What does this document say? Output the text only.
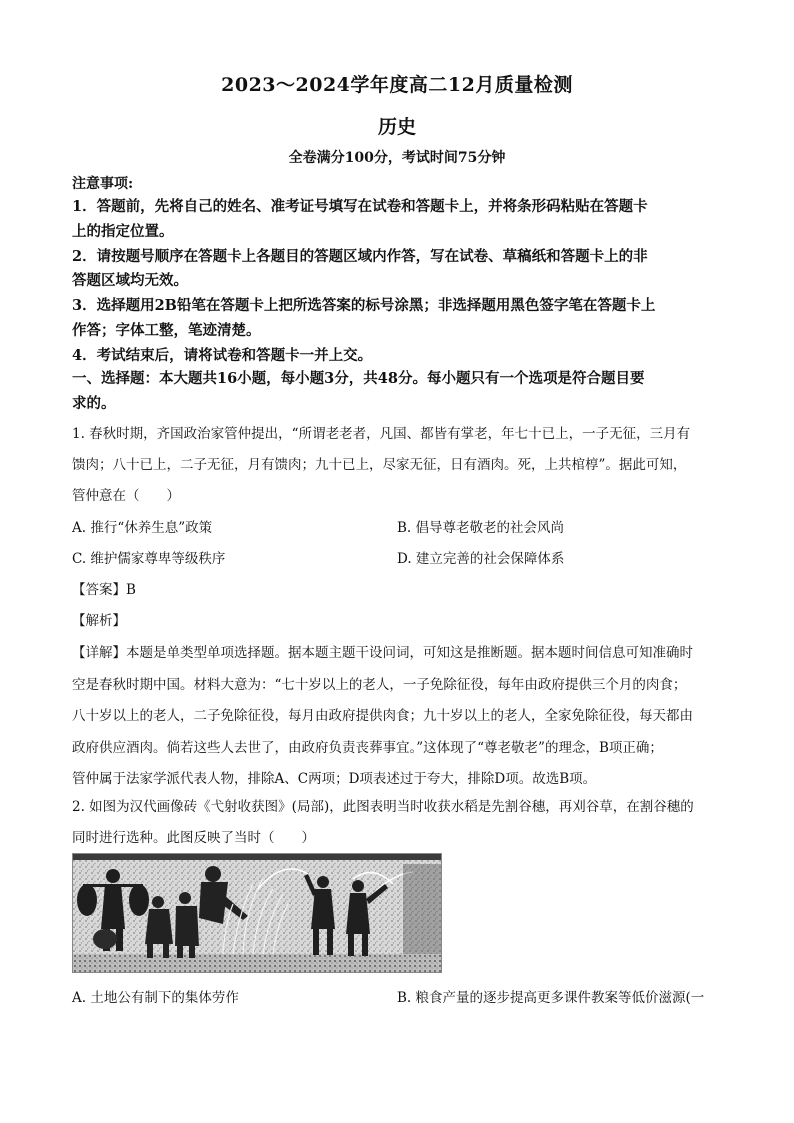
2023～2024学年度高二12月质量检测
历史
全卷满分100分，考试时间75分钟
注意事项:

1．答题前，先将自己的姓名、准考证号填写在试卷和答题卡上，并将条形码粘贴在答题卡

上的指定位置。

2．请按题号顺序在答题卡上各题目的答题区域内作答，写在试卷、草稿纸和答题卡上的非

答题区域均无效。

3．选择题用2B铅笔在答题卡上把所选答案的标号涂黑；非选择题用黑色签字笔在答题卡上

作答；字体工整，笔迹清楚。

4．考试结束后，请将试卷和答题卡一并上交。

一、选择题：本大题共16小题，每小题3分，共48分。每小题只有一个选项是符合题目要

求的。

1. 春秋时期，齐国政治家管仲提出，“所谓老老者，凡国、都皆有掌老，年七十已上，一子无征，三月有

馈肉；八十已上，二子无征，月有馈肉；九十已上，尽家无征，日有酒肉。死，上共棺椁”。据此可知，

管仲意在（　　）

A. 推行“休养生息”政策	B. 倡导尊老敬老的社会风尚
C. 维护儒家尊卑等级秩序	D. 建立完善的社会保障体系
【答案】B
【解析】

【详解】本题是单类型单项选择题。据本题主题干设问词，可知这是推断题。据本题时间信息可知准确时

空是春秋时期中国。材料大意为：“七十岁以上的老人，一子免除征役，每年由政府提供三个月的肉食；

八十岁以上的老人，二子免除征役，每月由政府提供肉食；九十岁以上的老人，全家免除征役，每天都由

政府供应酒肉。倘若这些人去世了，由政府负责丧葬事宜。”这体现了“尊老敬老”的理念，B项正确；

管仲属于法家学派代表人物，排除A、C两项；D项表述过于夸大，排除D项。故选B项。

2. 如图为汉代画像砖《弋射收获图》(局部)，此图表明当时收获水稻是先割谷穗，再刈谷草，在割谷穗的

同时进行选种。此图反映了当时（　　）

A. 土地公有制下的集体劳作	B. 粮食产量的逐步提高更多课件教案等低价滋源(一
